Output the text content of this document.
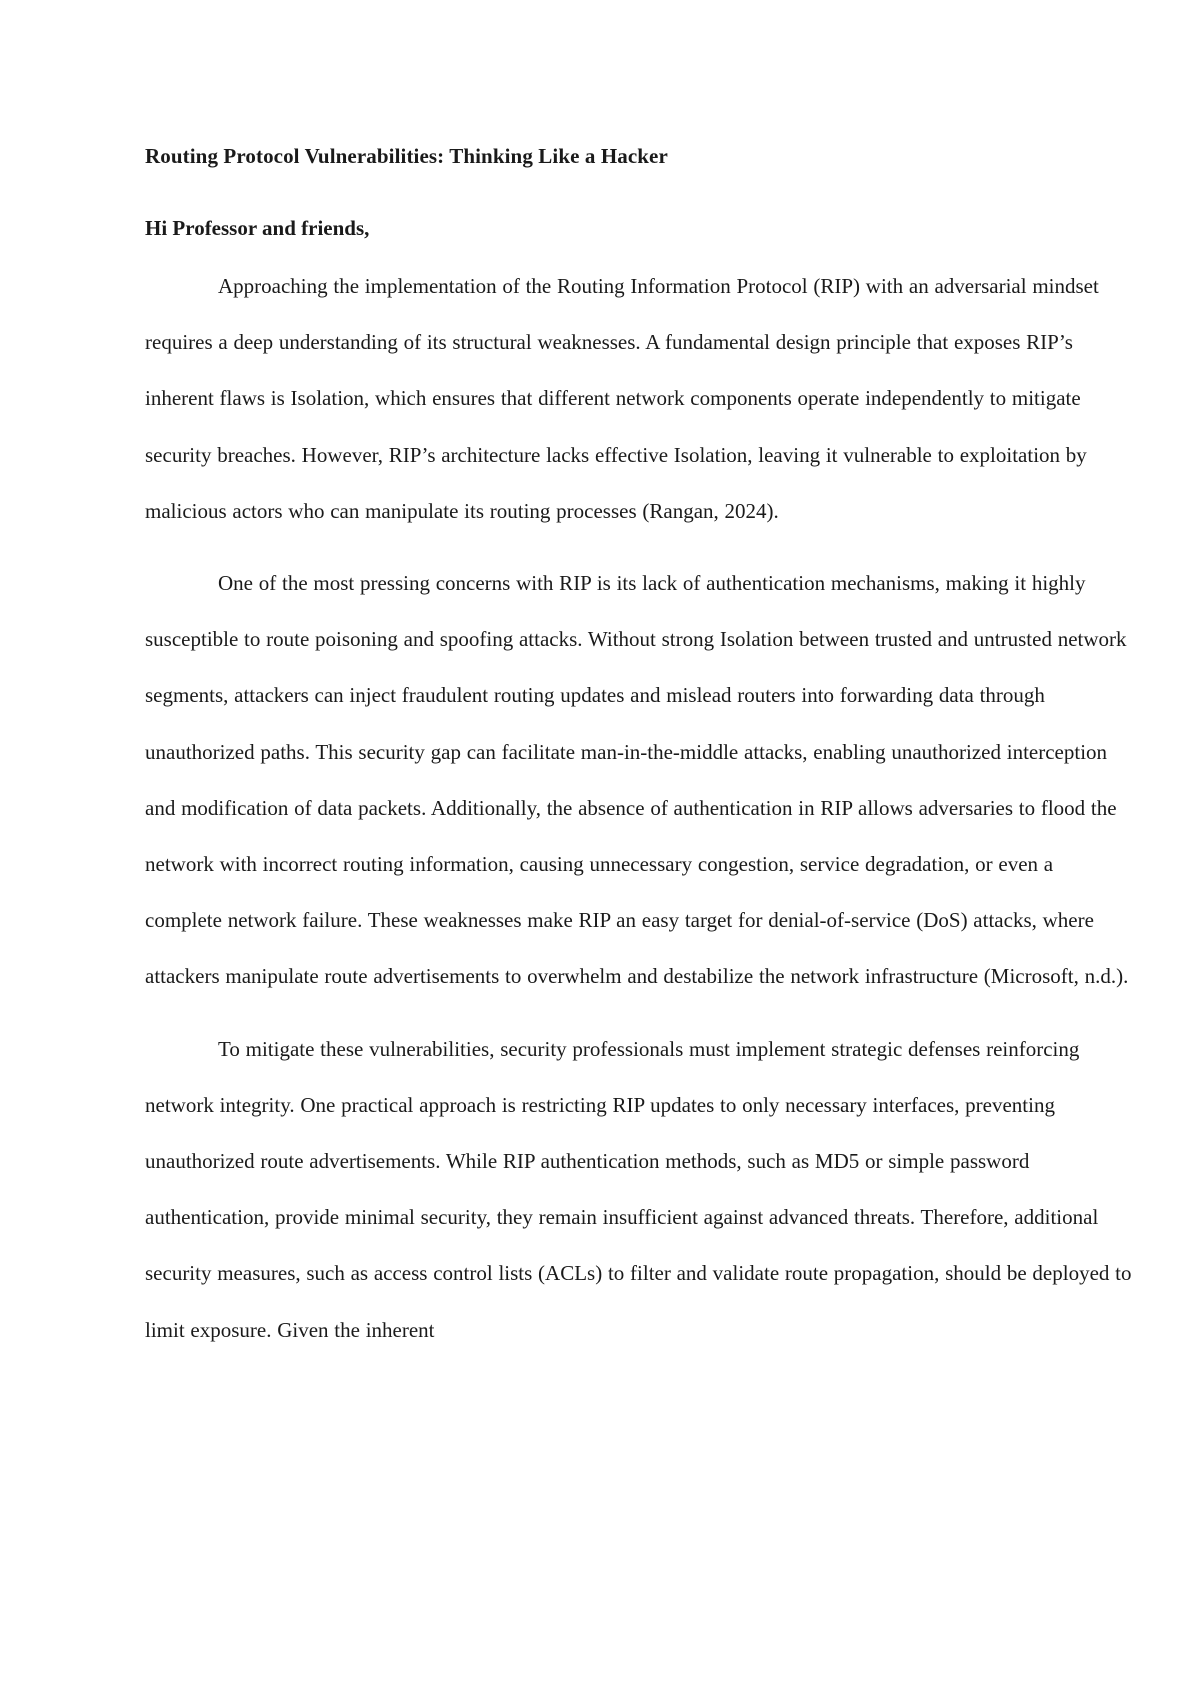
Routing Protocol Vulnerabilities: Thinking Like a Hacker

Hi Professor and friends,

Approaching the implementation of the Routing Information Protocol (RIP) with an adversarial mindset requires a deep understanding of its structural weaknesses. A fundamental design principle that exposes RIP’s inherent flaws is Isolation, which ensures that different network components operate independently to mitigate security breaches. However, RIP’s architecture lacks effective Isolation, leaving it vulnerable to exploitation by malicious actors who can manipulate its routing processes (Rangan, 2024).

One of the most pressing concerns with RIP is its lack of authentication mechanisms, making it highly susceptible to route poisoning and spoofing attacks. Without strong Isolation between trusted and untrusted network segments, attackers can inject fraudulent routing updates and mislead routers into forwarding data through unauthorized paths. This security gap can facilitate man-in-the-middle attacks, enabling unauthorized interception and modification of data packets. Additionally, the absence of authentication in RIP allows adversaries to flood the network with incorrect routing information, causing unnecessary congestion, service degradation, or even a complete network failure. These weaknesses make RIP an easy target for denial-of-service (DoS) attacks, where attackers manipulate route advertisements to overwhelm and destabilize the network infrastructure (Microsoft, n.d.).

To mitigate these vulnerabilities, security professionals must implement strategic defenses reinforcing network integrity. One practical approach is restricting RIP updates to only necessary interfaces, preventing unauthorized route advertisements. While RIP authentication methods, such as MD5 or simple password authentication, provide minimal security, they remain insufficient against advanced threats. Therefore, additional security measures, such as access control lists (ACLs) to filter and validate route propagation, should be deployed to limit exposure. Given the inherent
